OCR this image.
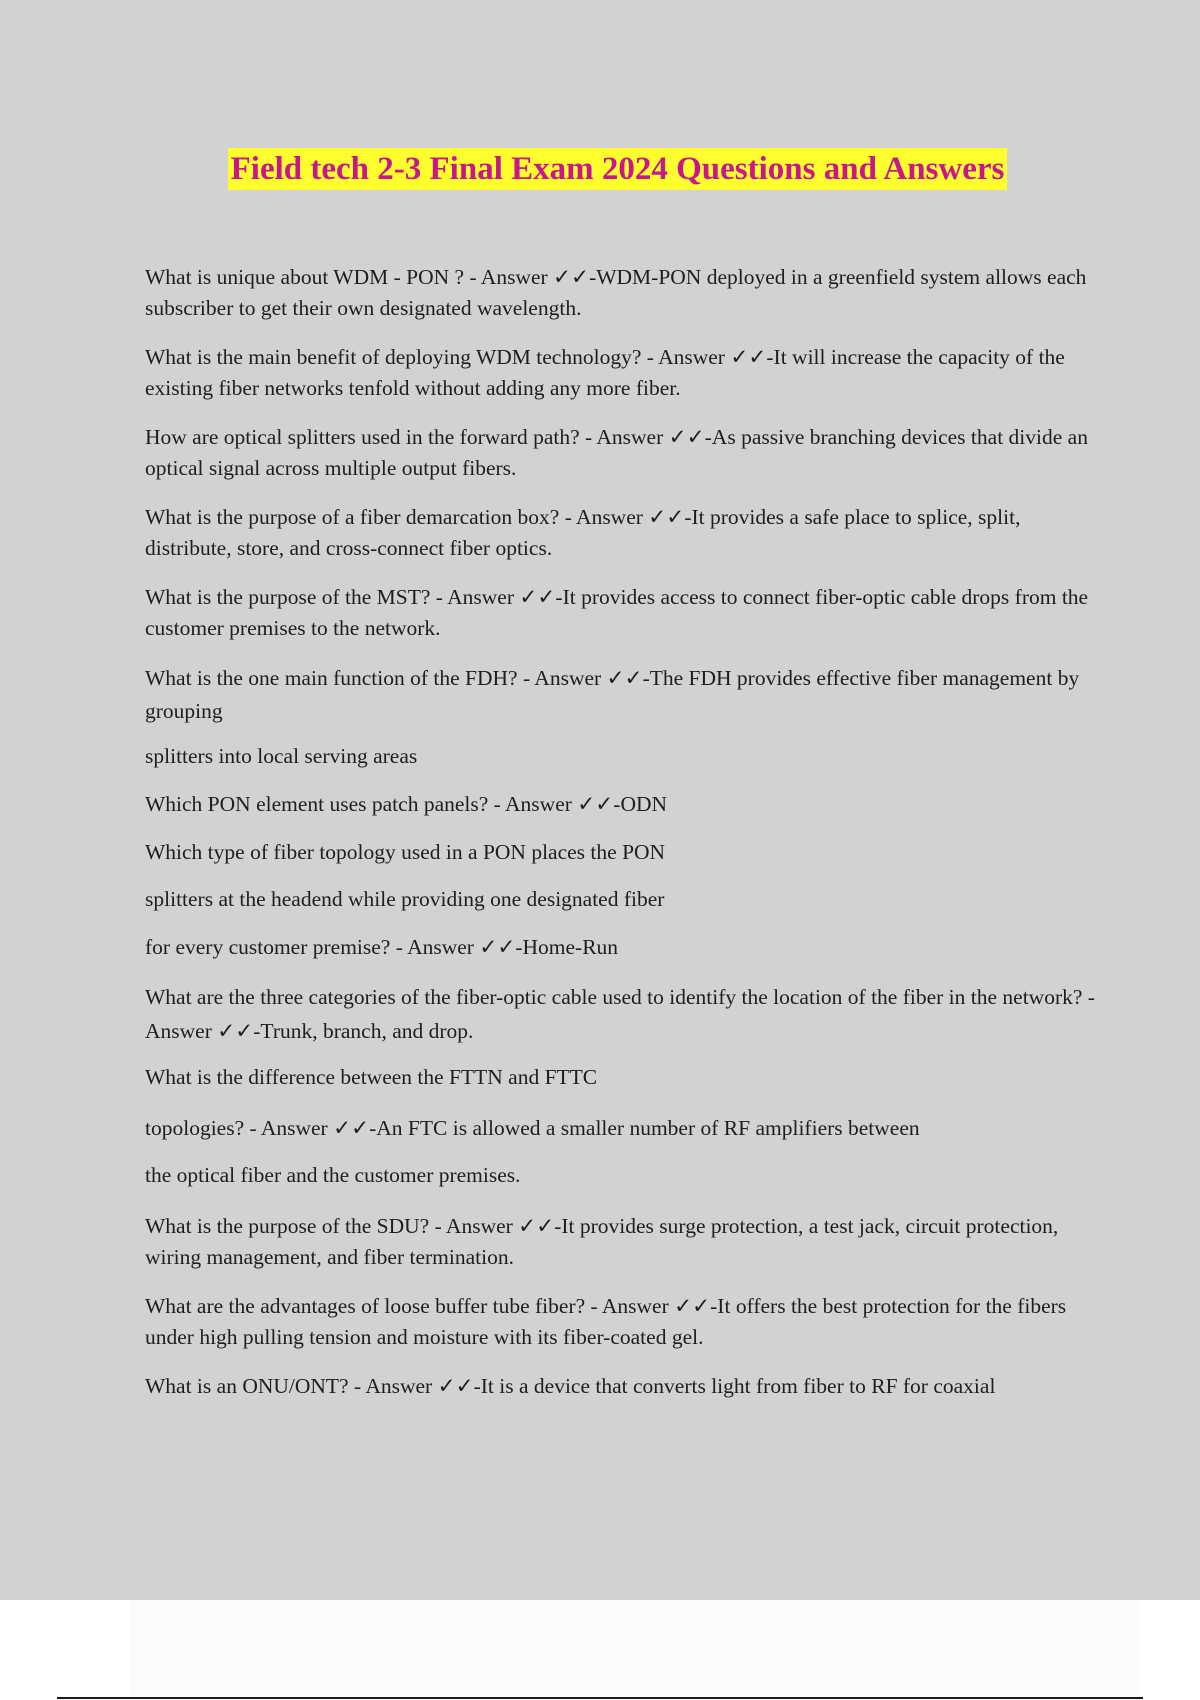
Field tech 2-3 Final Exam 2024 Questions and Answers

What is unique about WDM - PON ? - Answer ✓✓-WDM-PON deployed in a greenfield system allows each subscriber to get their own designated wavelength.

What is the main benefit of deploying WDM technology? - Answer ✓✓-It will increase the capacity of the existing fiber networks tenfold without adding any more fiber.

How are optical splitters used in the forward path? - Answer ✓✓-As passive branching devices that divide an optical signal across multiple output fibers.

What is the purpose of a fiber demarcation box? - Answer ✓✓-It provides a safe place to splice, split, distribute, store, and cross-connect fiber optics.

What is the purpose of the MST? - Answer ✓✓-It provides access to connect fiber-optic cable drops from the customer premises to the network.

What is the one main function of the FDH? - Answer ✓✓-The FDH provides effective fiber management by grouping

splitters into local serving areas

Which PON element uses patch panels? - Answer ✓✓-ODN

Which type of fiber topology used in a PON places the PON

splitters at the headend while providing one designated fiber

for every customer premise? - Answer ✓✓-Home-Run

What are the three categories of the fiber-optic cable used to identify the location of the fiber in the network? - Answer ✓✓-Trunk, branch, and drop.

What is the difference between the FTTN and FTTC

topologies? - Answer ✓✓-An FTC is allowed a smaller number of RF amplifiers between

the optical fiber and the customer premises.

What is the purpose of the SDU? - Answer ✓✓-It provides surge protection, a test jack, circuit protection, wiring management, and fiber termination.

What are the advantages of loose buffer tube fiber? - Answer ✓✓-It offers the best protection for the fibers under high pulling tension and moisture with its fiber-coated gel.

What is an ONU/ONT? - Answer ✓✓-It is a device that converts light from fiber to RF for coaxial
